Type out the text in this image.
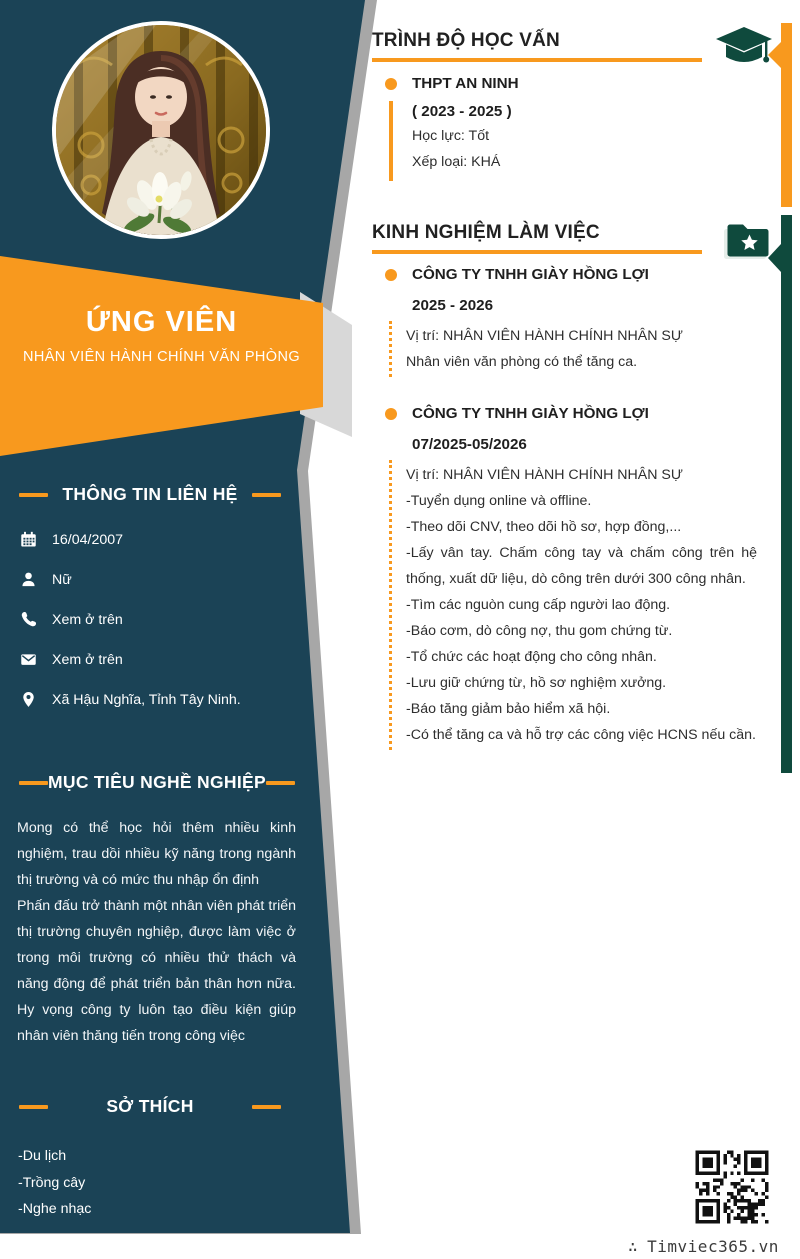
ỨNG VIÊN
NHÂN VIÊN HÀNH CHÍNH VĂN PHÒNG
THÔNG TIN LIÊN HỆ
16/04/2007
Nữ
Xem ở trên
Xem ở trên
Xã Hậu Nghĩa, Tỉnh Tây Ninh.
MỤC TIÊU NGHỀ NGHIỆP

Mong có thể học hỏi thêm nhiều kinh nghiệm, trau dồi nhiều kỹ năng trong ngành thị trường và có mức thu nhập ổn định

Phấn đấu trở thành một nhân viên phát triển thị trường chuyên nghiệp, được làm việc ở trong môi trường có nhiều thử thách và năng động để phát triển bản thân hơn nữa. Hy vọng công ty luôn tạo điều kiện giúp nhân viên thăng tiến trong công việc

SỞ THÍCH
-Du lịch
-Trồng cây
-Nghe nhạc
TRÌNH ĐỘ HỌC VẤN
THPT AN NINH
( 2023 - 2025 )
Học lực: Tốt
Xếp loại: KHÁ
KINH NGHIỆM LÀM VIỆC
CÔNG TY TNHH GIÀY HỒNG LỢI
2025 - 2026
Vị trí: NHÂN VIÊN HÀNH CHÍNH NHÂN SỰ
Nhân viên văn phòng có thể tăng ca.
CÔNG TY TNHH GIÀY HỒNG LỢI
07/2025-05/2026
Vị trí: NHÂN VIÊN HÀNH CHÍNH NHÂN SỰ
-Tuyển dụng online và offline.
-Theo dõi CNV, theo dõi hồ sơ, hợp đồng,...
-Lấy vân tay. Chấm công tay và chấm công trên hệ thống, xuất dữ liệu, dò công trên dưới 300 công nhân.
-Tìm các nguòn cung cấp người lao động.
-Báo cơm, dò công nợ, thu gom chứng từ.
-Tổ chức các hoạt động cho công nhân.
-Lưu giữ chứng từ, hồ sơ nghiệm xưởng.
-Báo tăng giảm bảo hiểm xã hội.
-Có thể tăng ca và hỗ trợ các công việc HCNS nếu cần.
∴ Timviec365.vn
